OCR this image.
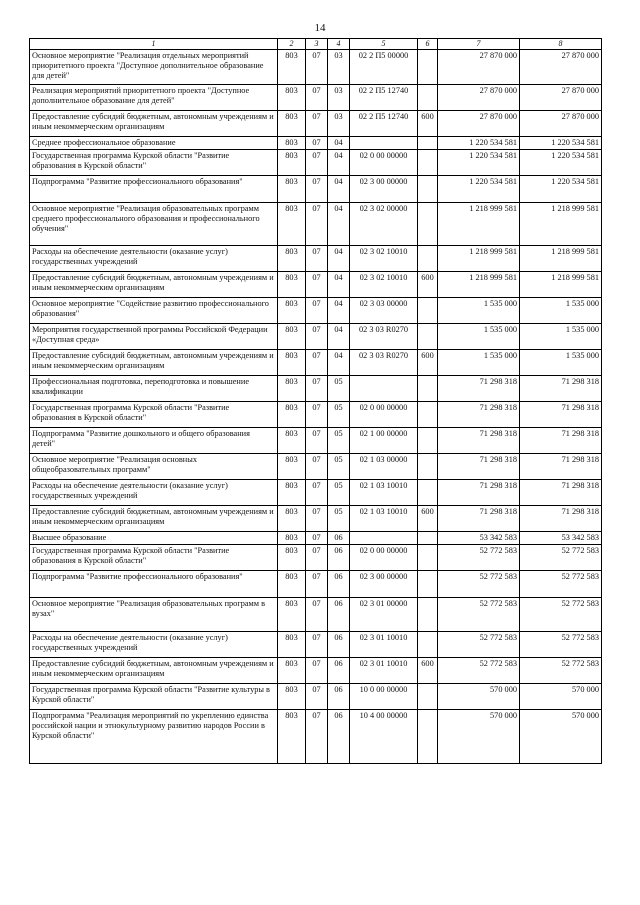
14
1	2	3	4	5	6	7	8
Основное мероприятие "Реализация отдельных мероприятий приоритетного проекта "Доступное дополнительное образование для детей"	803	07	03	02 2 П5 00000		27 870 000	27 870 000
Реализация мероприятий приоритетного проекта "Доступное дополнительное образование для детей"	803	07	03	02 2 П5 12740		27 870 000	27 870 000
Предоставление субсидий бюджетным, автономным учреждениям и иным некоммерческим организациям	803	07	03	02 2 П5 12740	600	27 870 000	27 870 000
Среднее профессиональное образование	803	07	04			1 220 534 581	1 220 534 581
Государственная программа Курской области "Развитие образования в Курской области"	803	07	04	02 0 00 00000		1 220 534 581	1 220 534 581
Подпрограмма "Развитие профессионального образования"	803	07	04	02 3 00 00000		1 220 534 581	1 220 534 581
Основное мероприятие "Реализация образовательных программ среднего профессионального образования и профессионального обучения"	803	07	04	02 3 02 00000		1 218 999 581	1 218 999 581
Расходы на обеспечение деятельности (оказание услуг) государственных учреждений	803	07	04	02 3 02 10010		1 218 999 581	1 218 999 581
Предоставление субсидий бюджетным, автономным учреждениям и иным некоммерческим организациям	803	07	04	02 3 02 10010	600	1 218 999 581	1 218 999 581
Основное мероприятие "Содействие развитию профессионального образования"	803	07	04	02 3 03 00000		1 535 000	1 535 000
Мероприятия государственной программы Российской Федерации «Доступная среда»	803	07	04	02 3 03 R0270		1 535 000	1 535 000
Предоставление субсидий бюджетным, автономным учреждениям и иным некоммерческим организациям	803	07	04	02 3 03 R0270	600	1 535 000	1 535 000
Профессиональная подготовка, переподготовка и повышение квалификации	803	07	05			71 298 318	71 298 318
Государственная программа Курской области "Развитие образования в Курской области"	803	07	05	02 0 00 00000		71 298 318	71 298 318
Подпрограмма "Развитие дошкольного и общего образования детей"	803	07	05	02 1 00 00000		71 298 318	71 298 318
Основное мероприятие "Реализация основных общеобразовательных программ"	803	07	05	02 1 03 00000		71 298 318	71 298 318
Расходы на обеспечение деятельности (оказание услуг) государственных учреждений	803	07	05	02 1 03 10010		71 298 318	71 298 318
Предоставление субсидий бюджетным, автономным учреждениям и иным некоммерческим организациям	803	07	05	02 1 03 10010	600	71 298 318	71 298 318
Высшее образование	803	07	06			53 342 583	53 342 583
Государственная программа Курской области "Развитие образования в Курской области"	803	07	06	02 0 00 00000		52 772 583	52 772 583
Подпрограмма "Развитие профессионального образования"	803	07	06	02 3 00 00000		52 772 583	52 772 583
Основное мероприятие "Реализация образовательных программ в вузах"	803	07	06	02 3 01 00000		52 772 583	52 772 583
Расходы на обеспечение деятельности (оказание услуг) государственных учреждений	803	07	06	02 3 01 10010		52 772 583	52 772 583
Предоставление субсидий бюджетным, автономным учреждениям и иным некоммерческим организациям	803	07	06	02 3 01 10010	600	52 772 583	52 772 583
Государственная программа Курской области "Развитие культуры в Курской области"	803	07	06	10 0 00 00000		570 000	570 000
Подпрограмма "Реализация мероприятий по укреплению единства российской нации и этнокультурному развитию народов России в Курской области"	803	07	06	10 4 00 00000		570 000	570 000
